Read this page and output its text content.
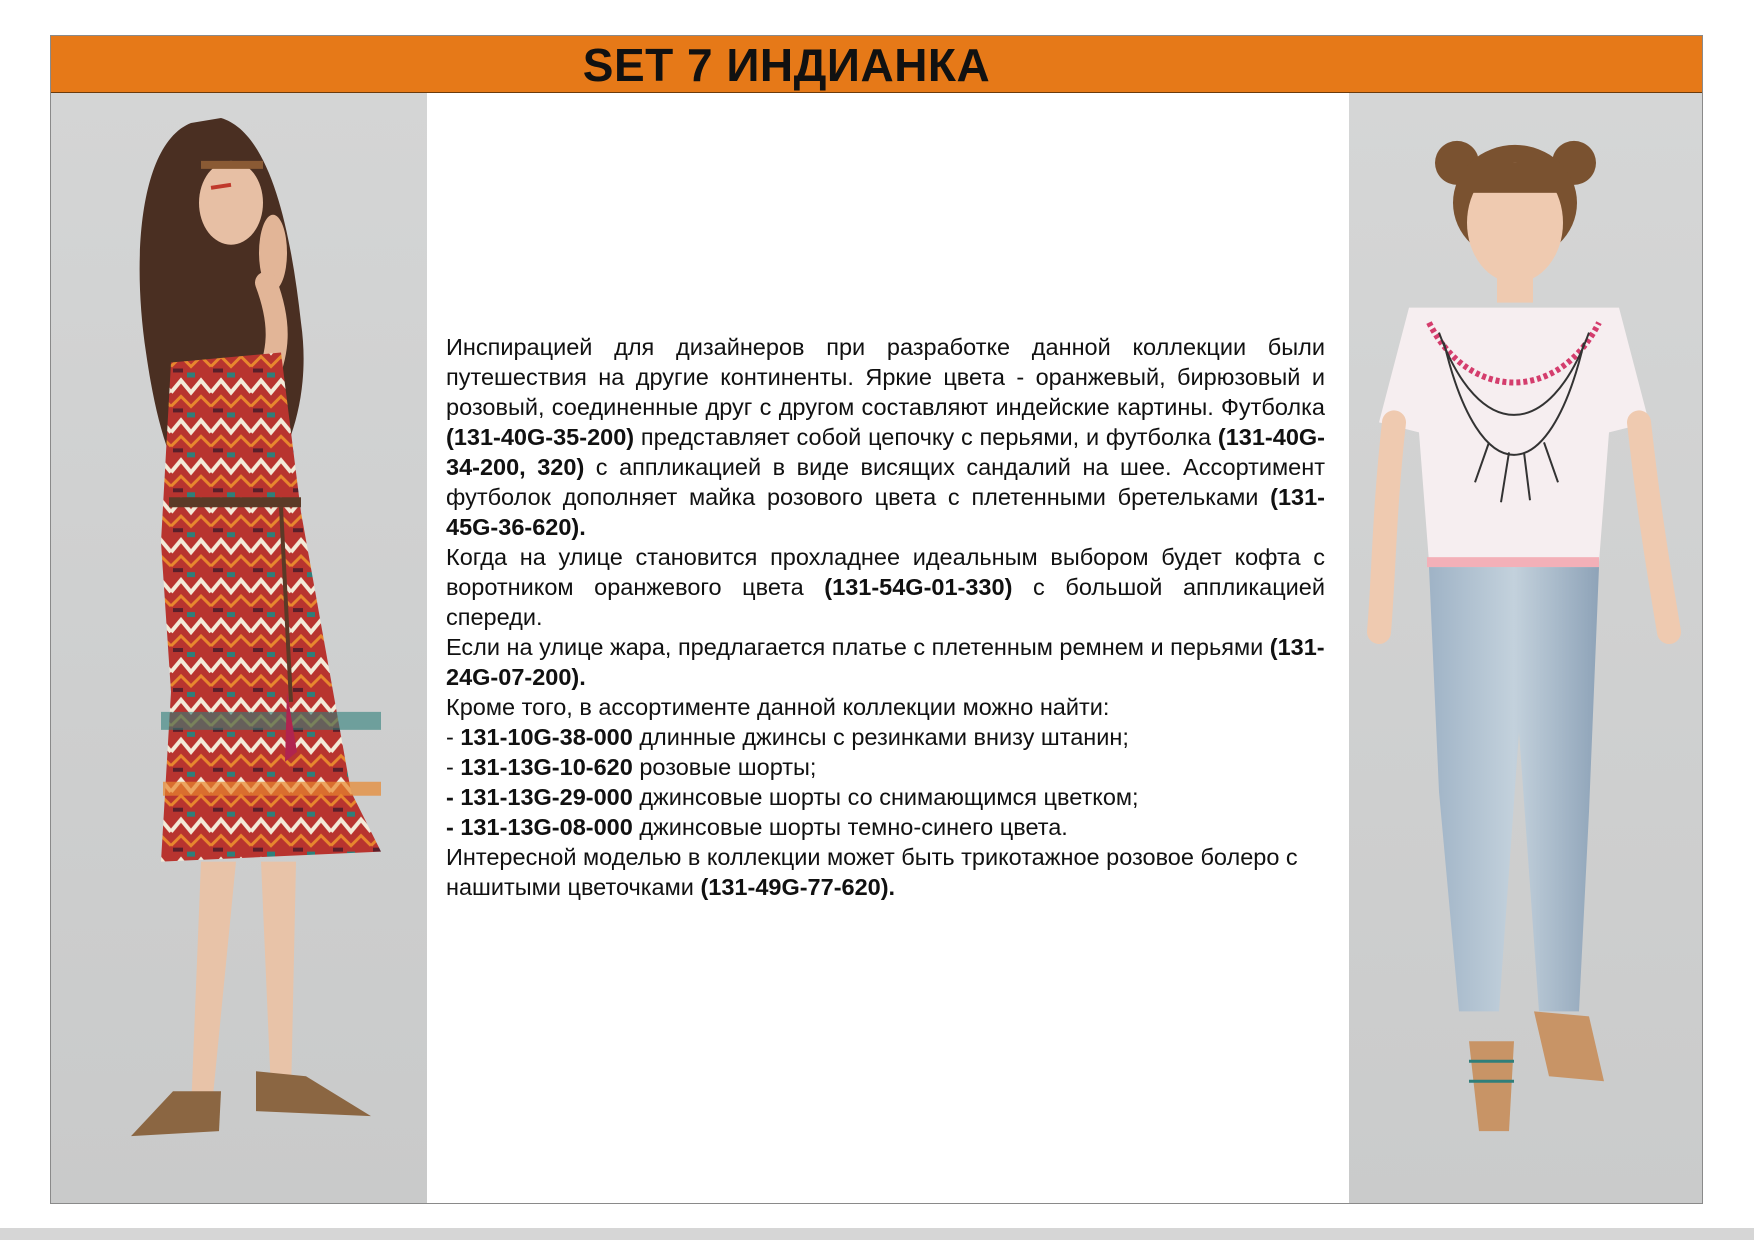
SET 7 ИНДИАНКА

Инспирацией для дизайнеров при разработке данной коллекции были путешествия на другие континенты. Яркие цвета - оранжевый, бирюзовый и розовый, соединенные друг с другом составляют индейские картины. Футболка (131-40G-35-200) представляет собой цепочку с перьями, и футболка (131-40G-34-200, 320) с аппликацией в виде висящих сандалий на шее. Ассортимент футболок дополняет майка розового цвета с плетенными бретельками (131-45G-36-620).

Когда на улице становится прохладнее идеальным выбором будет кофта с воротником оранжевого цвета (131-54G-01-330) с большой аппликацией спереди.

Если на улице жара, предлагается платье с плетенным ремнем и перьями (131-24G-07-200).

Кроме того, в ассортименте данной коллекции можно найти:

- 131-10G-38-000 длинные джинсы с резинками внизу штанин;

- 131-13G-10-620 розовые шорты;

- 131-13G-29-000 джинсовые шорты со снимающимся цветком;

- 131-13G-08-000 джинсовые шорты темно-синего цвета.

Интересной моделью в коллекции может быть трикотажное розовое болеро с нашитыми цветочками (131-49G-77-620).
